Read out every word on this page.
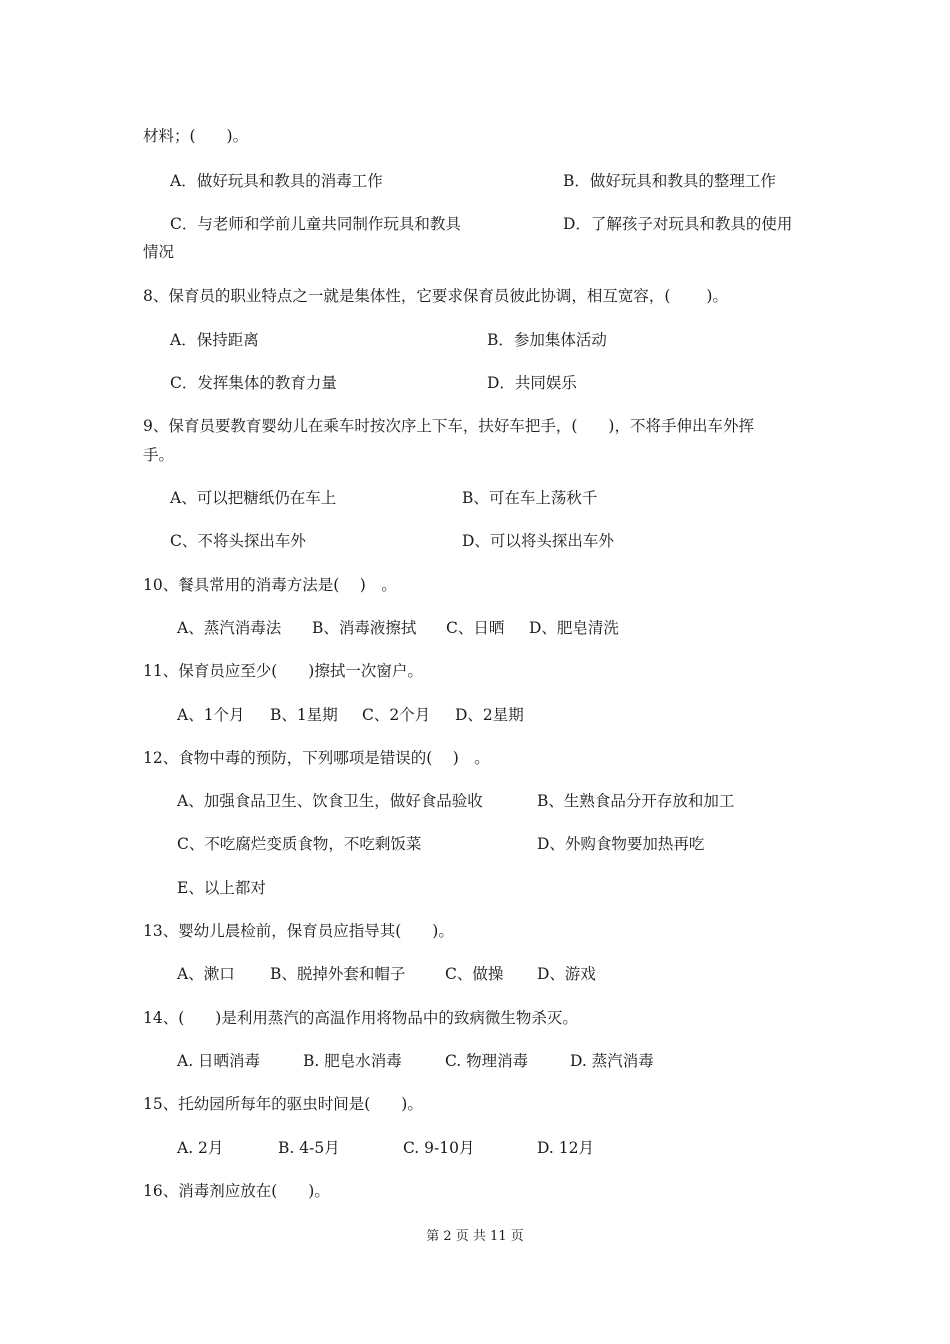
材料；(　　)。
A．做好玩具和教具的消毒工作	B．做好玩具和教具的整理工作
C．与老师和学前儿童共同制作玩具和教具	D．了解孩子对玩具和教具的使用
情况
8、保育员的职业特点之一就是集体性，它要求保育员彼此协调，相互宽容，(　　 )。
A．保持距离	B．参加集体活动
C．发挥集体的教育力量	D．共同娱乐
9、保育员要教育婴幼儿在乘车时按次序上下车，扶好车把手，(　　)，不将手伸出车外挥
手。
A、可以把糖纸仍在车上	B、可在车上荡秋千
C、不将头探出车外	D、可以将头探出车外
10、餐具常用的消毒方法是(　 )　。
A、蒸汽消毒法 B、消毒液擦拭 C、日晒 D、肥皂清洗
11、保育员应至少(　　)擦拭一次窗户。
A、1个月 B、1星期 C、2个月 D、2星期
12、食物中毒的预防，下列哪项是错误的(　 )　。
A、加强食品卫生、饮食卫生，做好食品验收	B、生熟食品分开存放和加工
C、不吃腐烂变质食物，不吃剩饭菜	D、外购食物要加热再吃
E、以上都对
13、婴幼儿晨检前，保育员应指导其(　　)。
A、漱口 B、脱掉外套和帽子	C、做操 D、游戏
14、(　　)是利用蒸汽的高温作用将物品中的致病微生物杀灭。
A. 日晒消毒	B. 肥皂水消毒	C. 物理消毒	D. 蒸汽消毒
15、托幼园所每年的驱虫时间是(　　)。
A. 2月	B. 4-5月	C. 9-10月	D. 12月
16、消毒剂应放在(　　)。
第 2 页 共 11 页
